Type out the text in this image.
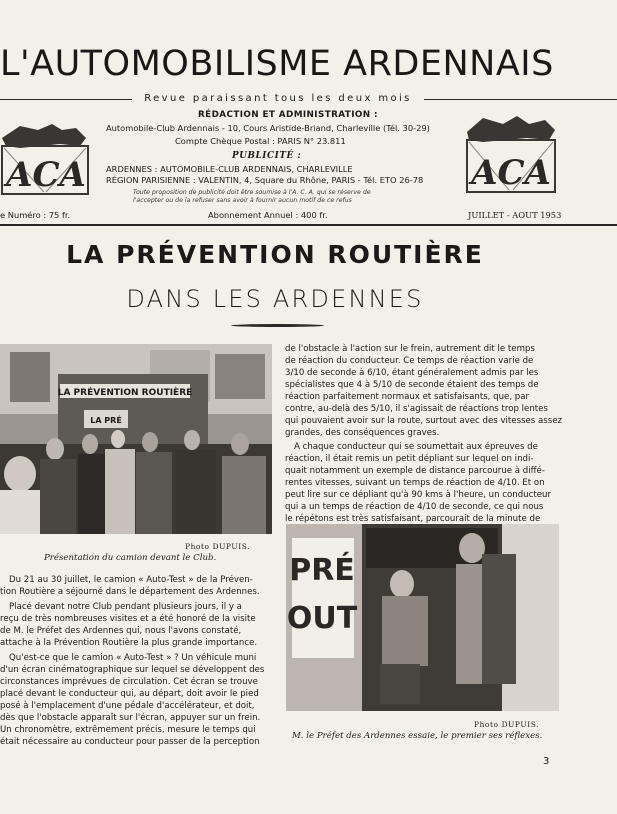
L'AUTOMOBILISME ARDENNAIS
Revue paraissant tous les deux mois
ACA	ACA
RÉDACTION ET ADMINISTRATION :
Automobile-Club Ardennais - 10, Cours Aristide-Briand, Charleville (Tél. 30-29)
Compte Chèque Postal : PARIS N° 23.811
PUBLICITÉ :
ARDENNES : AUTOMOBILE-CLUB ARDENNAIS, CHARLEVILLE
RÉGION PARISIENNE : VALENTIN, 4, Square du Rhône, PARIS - Tél. ETO 26-78
Toute proposition de publicité doit être soumise à l'A. C. A. qui se réserve de
l'accepter ou de la refuser sans avoir à fournir aucun motif de ce refus
e Numéro : 75 fr.	Abonnement Annuel : 400 fr.	JUILLET - AOUT 1953
LA PRÉVENTION ROUTIÈRE
DANS LES ARDENNES
LA PRÉVENTION ROUTIÈRE
LA PRÉ
Photo DUPUIS.
Présentation du camion devant le Club.
Du 21 au 30 juillet, le camion « Auto-Test » de la Préven-
tion Routière a séjourné dans le département des Ardennes.
Placé devant notre Club pendant plusieurs jours, il y a
reçu de très nombreuses visites et a été honoré de la visite
de M. le Préfet des Ardennes qui, nous l'avons constaté,
attache à la Prévention Routière la plus grande importance.
Qu'est-ce que le camion « Auto-Test » ? Un véhicule muni
d'un écran cinématographique sur lequel se développent des
circonstances imprévues de circulation. Cet écran se trouve
placé devant le conducteur qui, au départ, doit avoir le pied
posé à l'emplacement d'une pédale d'accélérateur, et doit,
dès que l'obstacle apparaît sur l'écran, appuyer sur un frein.
Un chronomètre, extrêmement précis, mesure le temps qui
était nécessaire au conducteur pour passer de la perception
de l'obstacle à l'action sur le frein, autrement dit le temps
de réaction du conducteur. Ce temps de réaction varie de
3/10 de seconde à 6/10, étant généralement admis par les
spécialistes que 4 à 5/10 de seconde étaient des temps de
réaction parfaitement normaux et satisfaisants, que, par
contre, au-delà des 5/10, il s'agissait de réactions trop lentes
qui pouvaient avoir sur la route, surtout avec des vitesses assez
grandes, des conséquences graves.
A chaque conducteur qui se soumettait aux épreuves de
réaction, il était remis un petit dépliant sur lequel on indi-
quait notamment un exemple de distance parcourue à diffé-
rentes vitesses, suivant un temps de réaction de 4/10. Et on
peut lire sur ce dépliant qu'à 90 kms à l'heure, un conducteur
qui a un temps de réaction de 4/10 de seconde, ce qui nous
le répétons est très satisfaisant, parcourait de la minute de
PRÉ
OUT
Photo DUPUIS.
M. le Préfet des Ardennes essaie, le premier ses réflexes.
3
